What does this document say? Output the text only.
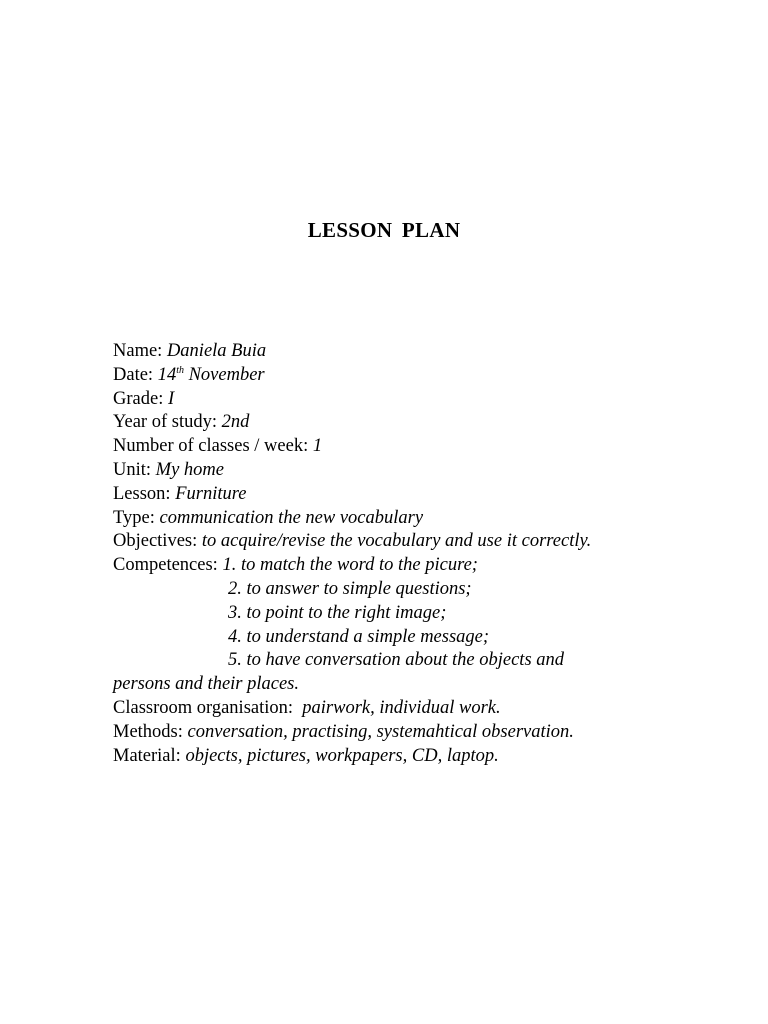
LESSON PLAN
Name: Daniela Buia
Date: 14th November
Grade: I
Year of study: 2nd
Number of classes / week: 1
Unit: My home
Lesson: Furniture
Type: communication the new vocabulary
Objectives: to acquire/revise the vocabulary and use it correctly.
Competences: 1. to match the word to the picure;
2. to answer to simple questions;
3. to point to the right image;
4. to understand a simple message;
5. to have conversation about the objects and
persons and their places.
Classroom organisation: pairwork, individual work.
Methods: conversation, practising, systemahtical observation.
Material: objects, pictures, workpapers, CD, laptop.
